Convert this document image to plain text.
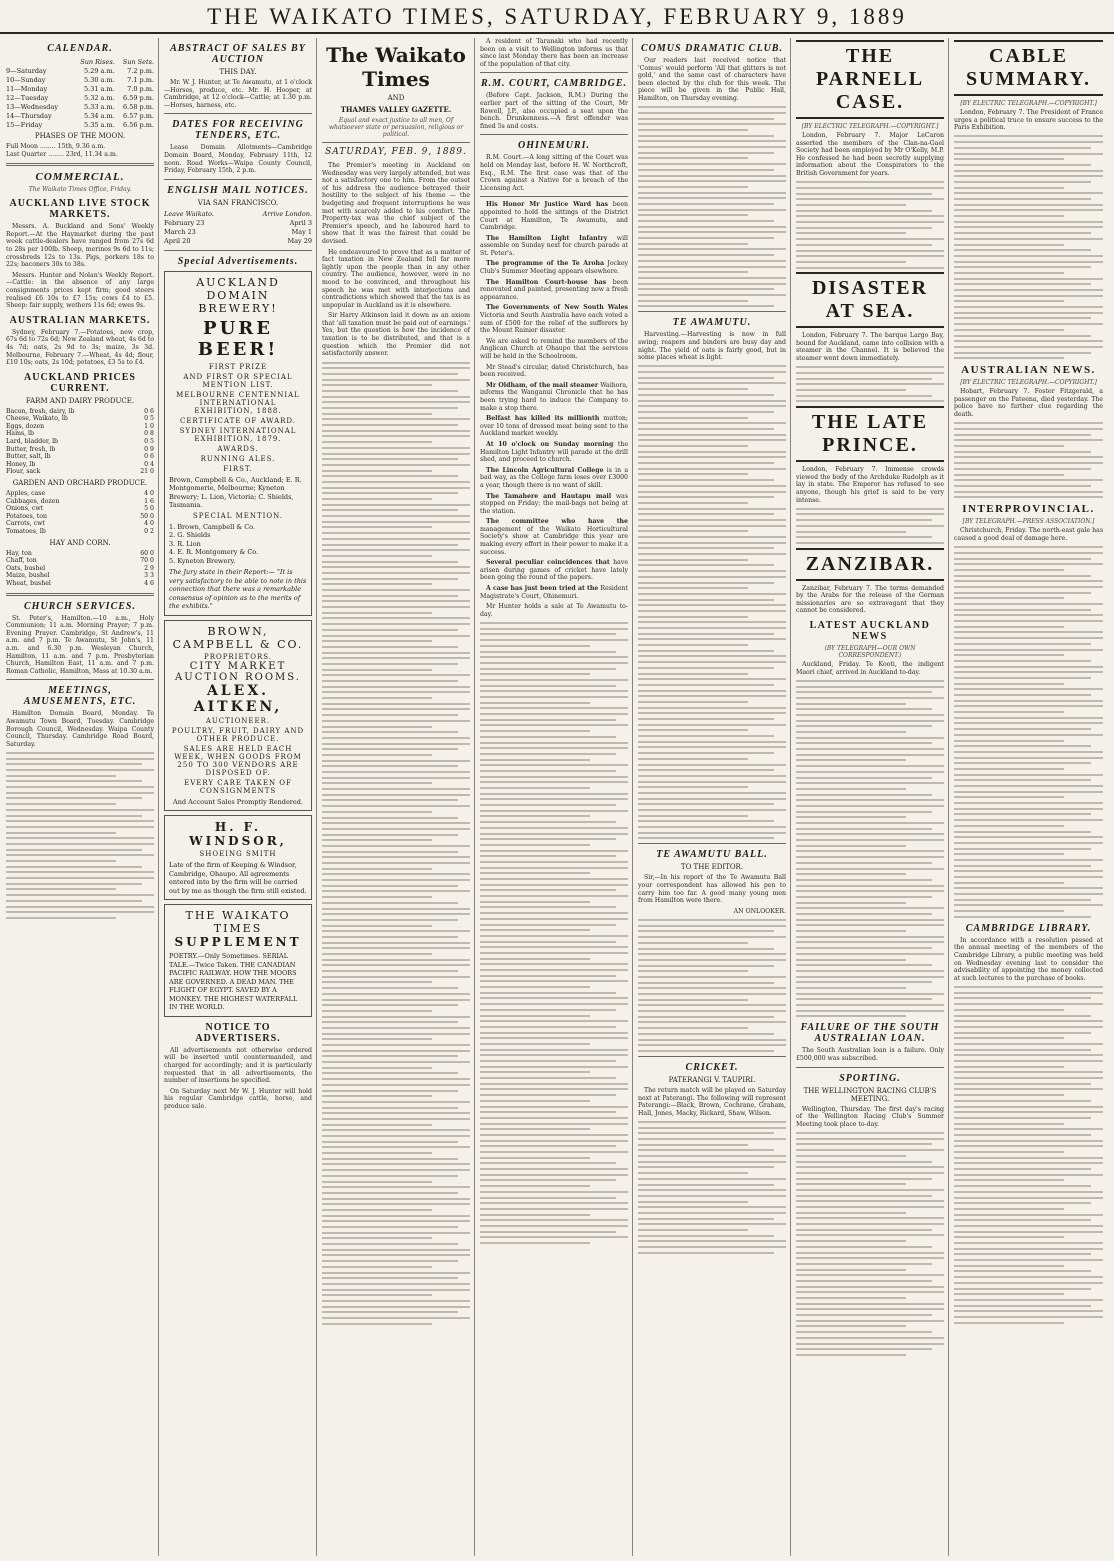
THE WAIKATO TIMES, SATURDAY, FEBRUARY 9, 1889
CALENDAR.
	Sun Rises.	Sun Sets.
9—Saturday	5.29 a.m.	7.2 p.m.
10—Sunday	5.30 a.m.	7.1 p.m.
11—Monday	5.31 a.m.	7.0 p.m.
12—Tuesday	5.32 a.m.	6.59 p.m.
13—Wednesday	5.33 a.m.	6.58 p.m.
14—Thursday	5.34 a.m.	6.57 p.m.
15—Friday	5.35 a.m.	6.56 p.m.
PHASES OF THE MOON.
Full Moon ........ 15th, 9.36 a.m.
Last Quarter ........ 23rd, 11.34 a.m.
COMMERCIAL.
The Waikato Times Office, Friday.
AUCKLAND LIVE STOCK MARKETS.

Messrs. A. Buckland and Sons' Weekly Report.—At the Haymarket during the past week cattle-dealers have ranged from 27s 6d to 28s per 100lb. Sheep, merinos 9s 6d to 11s; crossbreds 12s to 13s. Pigs, porkers 18s to 22s; baconers 30s to 38s.

Messrs. Hunter and Nolan's Weekly Report.—Cattle: in the absence of any large consignments prices kept firm; good steers realised £6 10s to £7 15s; cows £4 to £5. Sheep: fair supply, wethers 11s 6d; ewes 9s.

AUSTRALIAN MARKETS.

Sydney, February 7.—Potatoes, new crop, 67s 6d to 72s 6d; New Zealand wheat, 4s 6d to 4s 7d; oats, 2s 9d to 3s; maize, 3s 3d. Melbourne, February 7.—Wheat, 4s 4d; flour, £10 10s; oats, 2s 10d; potatoes, £3 5s to £4.

AUCKLAND PRICES CURRENT.
FARM AND DAIRY PRODUCE.
Bacon, fresh, dairy, lb	0 6
Cheese, Waikato, lb	0 5
Eggs, dozen	1 0
Hams, lb	0 8
Lard, bladder, lb	0 5
Butter, fresh, lb	0 9
Butter, salt, lb	0 6
Honey, lb	0 4
Flour, sack	21 0
GARDEN AND ORCHARD PRODUCE.
Apples, case	4 0
Cabbages, dozen	1 6
Onions, cwt	5 0
Potatoes, ton	50 0
Carrots, cwt	4 0
Tomatoes, lb	0 2
HAY AND CORN.
Hay, ton	60 0
Chaff, ton	70 0
Oats, bushel	2 9
Maize, bushel	3 3
Wheat, bushel	4 6
CHURCH SERVICES.

St. Peter's, Hamilton.—10 a.m., Holy Communion; 11 a.m. Morning Prayer; 7 p.m. Evening Prayer. Cambridge, St Andrew's, 11 a.m. and 7 p.m. Te Awamutu, St John's, 11 a.m. and 6.30 p.m. Wesleyan Church, Hamilton, 11 a.m. and 7 p.m. Presbyterian Church, Hamilton East, 11 a.m. and 7 p.m. Roman Catholic, Hamilton, Mass at 10.30 a.m.

MEETINGS, AMUSEMENTS, ETC.

Hamilton Domain Board, Monday. Te Awamutu Town Board, Tuesday. Cambridge Borough Council, Wednesday. Waipa County Council, Thursday. Cambridge Road Board, Saturday.

ABSTRACT OF SALES BY AUCTION
THIS DAY.

Mr. W. J. Hunter, at Te Awamutu, at 1 o'clock—Horses, produce, etc. Mr. H. Hooper, at Cambridge, at 12 o'clock—Cattle; at 1.30 p.m.—Horses, harness, etc.

DATES FOR RECEIVING TENDERS, ETC.

Lease Domain Allotments—Cambridge Domain Board, Monday, February 11th, 12 noon. Road Works—Waipa County Council, Friday, February 15th, 2 p.m.

ENGLISH MAIL NOTICES.
VIA SAN FRANCISCO.
Leave Waikato.	Arrive London.
February 23	April 3
March 23	May 1
April 20	May 29
Special Advertisements.
AUCKLAND DOMAIN
BREWERY!
PURE BEER!
FIRST PRIZE
AND FIRST OR SPECIAL MENTION LIST.
MELBOURNE CENTENNIAL INTERNATIONAL EXHIBITION, 1888.
CERTIFICATE OF AWARD.
SYDNEY INTERNATIONAL EXHIBITION, 1879.
AWARDS.
RUNNING ALES.
FIRST.
Brown, Campbell & Co., Auckland; E. R. Montgomerie, Melbourne; Kyneton Brewery; L. Lion, Victoria; C. Shields, Tasmania.
SPECIAL MENTION.
1. Brown, Campbell & Co.
2. G. Shields
3. R. Lion
4. E. R. Montgomery & Co.
5. Kyneton Brewery.
The Jury state in their Report:— "It is very satisfactory to be able to note in this connection that there was a remarkable consensus of opinion as to the merits of the exhibits."
BROWN, CAMPBELL & CO.
PROPRIETORS.
CITY MARKET AUCTION ROOMS.
ALEX. AITKEN,
AUCTIONEER.
POULTRY, FRUIT, DAIRY AND OTHER PRODUCE.
SALES ARE HELD EACH WEEK, WHEN GOODS FROM 250 TO 300 VENDORS ARE DISPOSED OF.
EVERY CARE TAKEN OF CONSIGNMENTS
And Account Sales Promptly Rendered.
H. F. WINDSOR,
SHOEING SMITH
Late of the firm of Keeping & Windsor, Cambridge, Ohaupo. All agreements entered into by the firm will be carried out by me as though the firm still existed.
THE WAIKATO TIMES
SUPPLEMENT
POETRY.—Only Sometimes. SERIAL TALE.—Twice Taken. THE CANADIAN PACIFIC RAILWAY. HOW THE MOORS ARE GOVERNED. A DEAD MAN. THE FLIGHT OF EGYPT. SAVED BY A MONKEY. THE HIGHEST WATERFALL IN THE WORLD.
NOTICE TO ADVERTISERS.

All advertisements not otherwise ordered will be inserted until countermanded, and charged for accordingly; and it is particularly requested that in all advertisements, the number of insertions be specified.

On Saturday next Mr W. J. Hunter will hold his regular Cambridge cattle, horse, and produce sale.

The Waikato Times
AND
THAMES VALLEY GAZETTE.
Equal and exact justice to all men, Of whatsoever state or persuasion, religious or political.
SATURDAY, FEB. 9, 1889.

The Premier's meeting in Auckland on Wednesday was very largely attended, but was not a satisfactory one to him. From the outset of his address the audience betrayed their hostility to the subject of his theme — the budgeting and frequent interruptions he was met with scarcely added to his comfort. The Property-tax was the chief subject of the Premier's speech, and he laboured hard to show that it was the fairest that could be devised.

He endeavoured to prove that as a matter of fact taxation in New Zealand fell far more lightly upon the people than in any other country. The audience, however, were in no mood to be convinced, and throughout his speech he was met with interjections and contradictions which showed that the tax is as unpopular in Auckland as it is elsewhere.

Sir Harry Atkinson laid it down as an axiom that 'all taxation must be paid out of earnings.' Yes, but the question is how the incidence of taxation is to be distributed, and that is a question which the Premier did not satisfactorily answer.

A resident of Taranaki who had recently been on a visit to Wellington informs us that since last Monday there has been an increase of the population of that city.

R.M. COURT, CAMBRIDGE.

(Before Capt. Jackson, R.M.) During the earlier part of the sitting of the Court, Mr Rowell, J.P., also occupied a seat upon the bench. Drunkenness.—A first offender was fined 5s and costs.

OHINEMURI.

R.M. Court.—A long sitting of the Court was held on Monday last, before H. W. Northcroft, Esq., R.M. The first case was that of the Crown against a Native for a breach of the Licensing Act.

His Honor Mr Justice Ward has been appointed to hold the sittings of the District Court at Hamilton, Te Awamutu, and Cambridge.

The Hamilton Light Infantry will assemble on Sunday next for church parade at St. Peter's.

The programme of the Te Aroha Jockey Club's Summer Meeting appears elsewhere.

The Hamilton Court-house has been renovated and painted, presenting now a fresh appearance.

The Governments of New South Wales Victoria and South Australia have each voted a sum of £500 for the relief of the sufferers by the Mount Rainier disaster.

We are asked to remind the members of the Anglican Church at Ohaupo that the services will be held in the Schoolroom.

Mr Stead's circular, dated Christchurch, has been received.

Mr Oldham, of the mail steamer Waihora, informs the Wanganui Chronicle that he has been trying hard to induce the Company to make a stop there.

Belfast has killed its millionth mutton; over 10 tons of dressed meat being sent to the Auckland market weekly.

At 10 o'clock on Sunday morning the Hamilton Light Infantry will parade at the drill shed, and proceed to church.

The Lincoln Agricultural College is in a bad way, as the College farm loses over £3000 a year, though there is no want of skill.

The Tamahere and Hautapu mail was stopped on Friday; the mail-bags not being at the station.

The committee who have the management of the Waikato Horticultural Society's show at Cambridge this year are making every effort in their power to make it a success.

Several peculiar coincidences that have arisen during games of cricket have lately been going the round of the papers.

A case has just been tried at the Resident Magistrate's Court, Ohinemuri.

Mr Hunter holds a sale at Te Awamutu to-day.

COMUS DRAMATIC CLUB.

Our readers last received notice that 'Comus' would perform 'All that glitters is not gold,' and the same cast of characters have been elected by the club for this week. The piece will be given in the Public Hall, Hamilton, on Thursday evening.

TE AWAMUTU.

Harvesting.—Harvesting is now in full swing; reapers and binders are busy day and night. The yield of oats is fairly good, but in some places wheat is light.

TE AWAMUTU BALL.
TO THE EDITOR.

Sir,—In his report of the Te Awamutu Ball your correspondent has allowed his pen to carry him too far. A good many young men from Hamilton were there.

AN ONLOOKER.

CRICKET.
PATERANGI V. TAUPIRI.

The return match will be played on Saturday next at Paterangi. The following will represent Paterangi:—Black, Brown, Cochrane, Graham, Hall, Jones, Macky, Rickard, Shaw, Wilson.

THE PARNELL CASE.
[BY ELECTRIC TELEGRAPH.—COPYRIGHT.]

London, February 7. Major LeCaron asserted the members of the Clan-na-Gael Society had been employed by Mr O'Kelly, M.P. He confessed he had been secretly supplying information about the Conspirators to the British Government for years.

DISASTER AT SEA.

London, February 7. The barque Largo Bay, bound for Auckland, came into collision with a steamer in the Channel. It is believed the steamer went down immediately.

THE LATE PRINCE.

London, February 7. Immense crowds viewed the body of the Archduke Rudolph as it lay in state. The Emperor has refused to see anyone, though his grief is said to be very intense.

ZANZIBAR.

Zanzibar, February 7. The terms demanded by the Arabs for the release of the German missionaries are so extravagant that they cannot be considered.

LATEST AUCKLAND NEWS
(BY TELEGRAPH—OUR OWN CORRESPONDENT.)

Auckland, Friday. Te Kooti, the indigent Maori chief, arrived in Auckland to-day.

FAILURE OF THE SOUTH AUSTRALIAN LOAN.

The South Australian loan is a failure. Only £500,000 was subscribed.

SPORTING.
THE WELLINGTON RACING CLUB'S MEETING.

Wellington, Thursday. The first day's racing of the Wellington Racing Club's Summer Meeting took place to-day.

CABLE SUMMARY.
[BY ELECTRIC TELEGRAPH.—COPYRIGHT.]

London, February 7. The President of France urges a political truce to ensure success to the Paris Exhibition.

AUSTRALIAN NEWS.
[BY ELECTRIC TELEGRAPH.—COPYRIGHT.]

Hobart, February 7. Foster Fitzgerald, a passenger on the Pateena, died yesterday. The police have no further clue regarding the death.

INTERPROVINCIAL.
[BY TELEGRAPH.—PRESS ASSOCIATION.]

Christchurch, Friday. The north-east gale has caused a good deal of damage here.

CAMBRIDGE LIBRARY.

In accordance with a resolution passed at the annual meeting of the members of the Cambridge Library, a public meeting was held on Wednesday evening last to consider the advisability of appointing the money collected at such lectures to the purchase of books.
